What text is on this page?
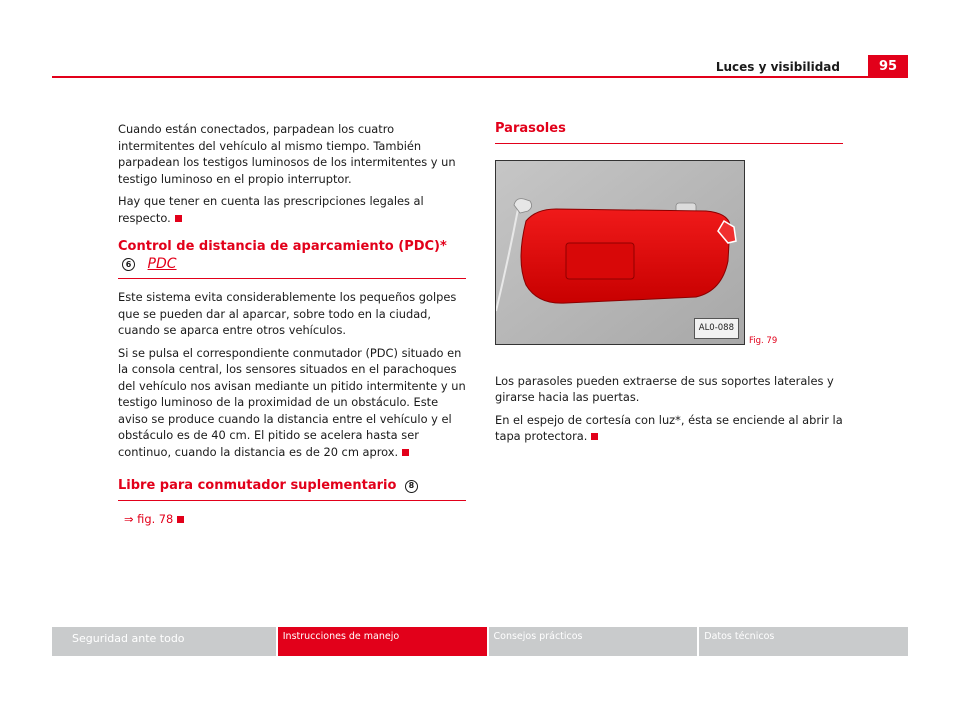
Luces y visibilidad	95

Cuando están conectados, parpadean los cuatro intermitentes del vehículo al mismo tiempo. También parpadean los testigos luminosos de los intermitentes y un testigo luminoso en el propio interruptor.

Hay que tener en cuenta las prescripciones legales al respecto.

Control de distancia de aparcamiento (PDC)* 6 PDC

Este sistema evita considerablemente los pequeños golpes que se pueden dar al aparcar, sobre todo en la ciudad, cuando se aparca entre otros vehículos.

Si se pulsa el correspondiente conmutador (PDC) situado en la consola central, los sensores situados en el parachoques del vehículo nos avisan mediante un pitido intermitente y un testigo luminoso de la proximidad de un obstáculo. Este aviso se produce cuando la distancia entre el vehículo y el obstáculo es de 40 cm. El pitido se acelera hasta ser continuo, cuando la distancia es de 20 cm aprox.

Libre para conmutador suplementario 8

⇒ fig. 78

Parasoles
AL0-088
Fig. 79

Los parasoles pueden extraerse de sus soportes laterales y girarse hacia las puertas.

En el espejo de cortesía con luz*, ésta se enciende al abrir la tapa protectora.

Seguridad ante todo	Instrucciones de manejo	Consejos prácticos	Datos técnicos
